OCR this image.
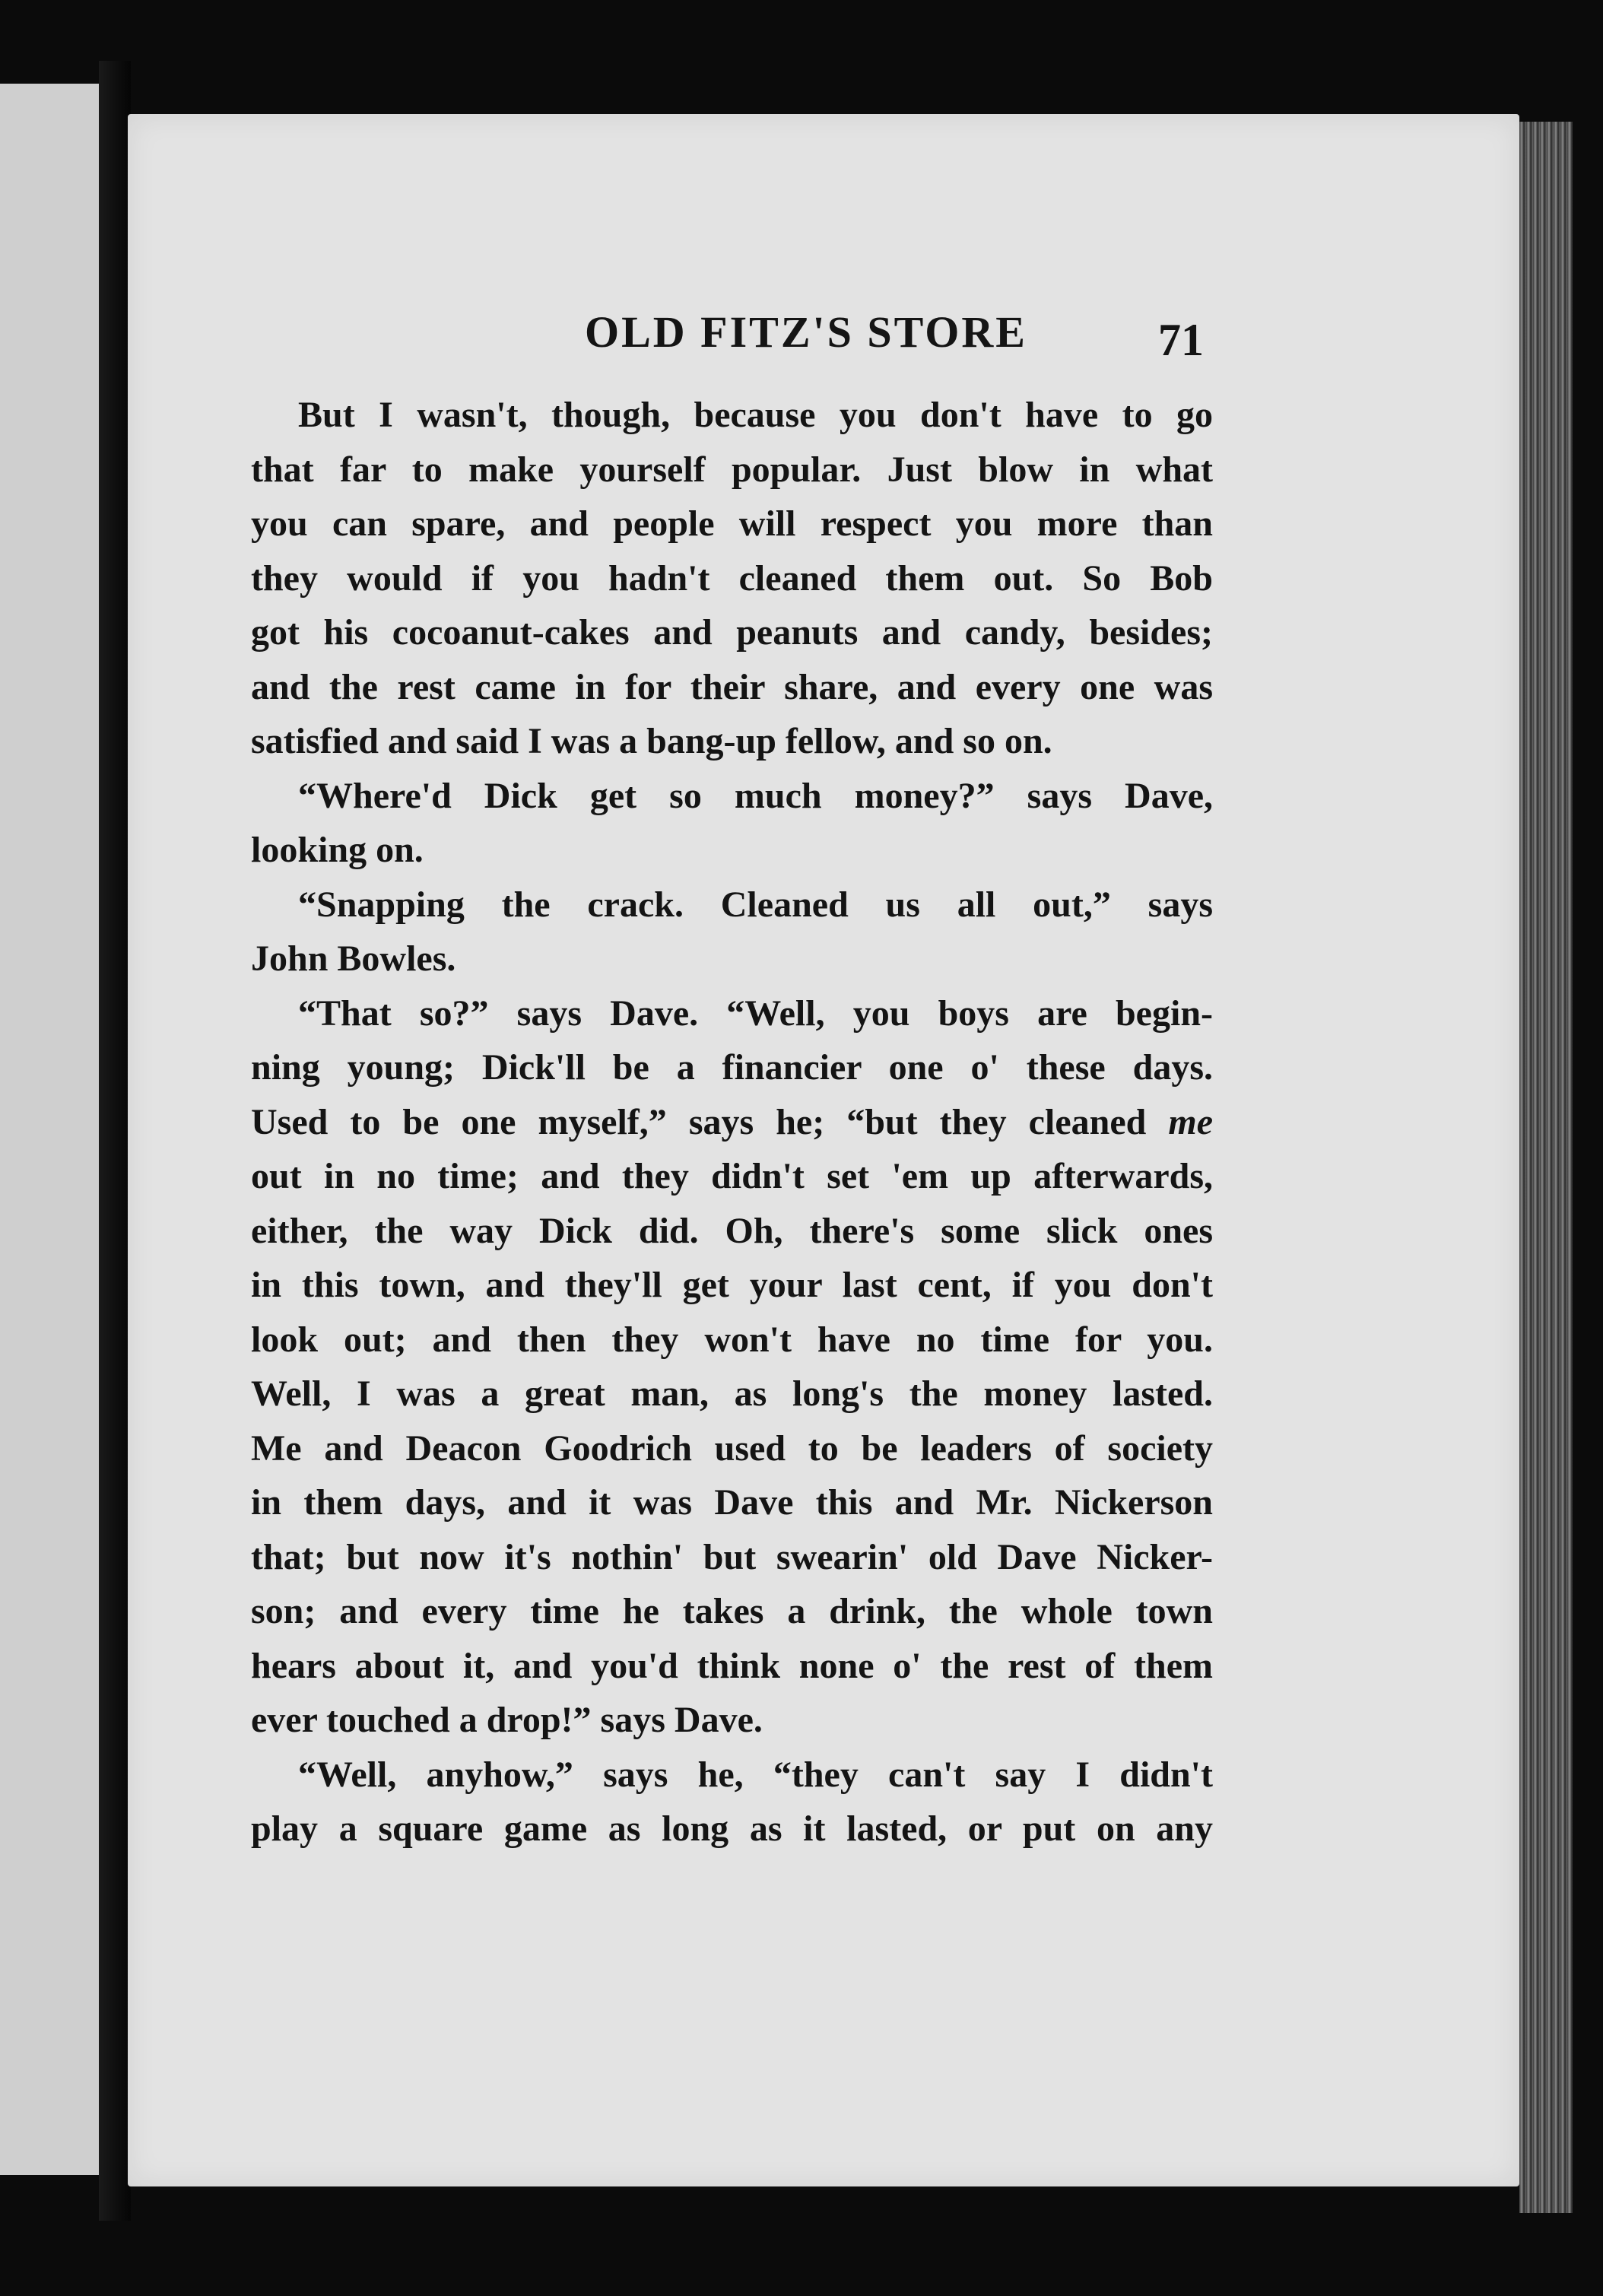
OLD FITZ'S STORE	71
But I wasn't, though, because you don't have to go
that far to make yourself popular. Just blow in what
you can spare, and people will respect you more than
they would if you hadn't cleaned them out. So Bob
got his cocoanut-cakes and peanuts and candy, besides;
and the rest came in for their share, and every one was
satisfied and said I was a bang-up fellow, and so on.
“Where'd Dick get so much money?” says Dave,
looking on.
“Snapping the crack. Cleaned us all out,” says
John Bowles.
“That so?” says Dave. “Well, you boys are begin-
ning young; Dick'll be a financier one o' these days.
Used to be one myself,” says he; “but they cleaned me
out in no time; and they didn't set 'em up afterwards,
either, the way Dick did. Oh, there's some slick ones
in this town, and they'll get your last cent, if you don't
look out; and then they won't have no time for you.
Well, I was a great man, as long's the money lasted.
Me and Deacon Goodrich used to be leaders of society
in them days, and it was Dave this and Mr. Nickerson
that; but now it's nothin' but swearin' old Dave Nicker-
son; and every time he takes a drink, the whole town
hears about it, and you'd think none o' the rest of them
ever touched a drop!” says Dave.
“Well, anyhow,” says he, “they can't say I didn't
play a square game as long as it lasted, or put on any
